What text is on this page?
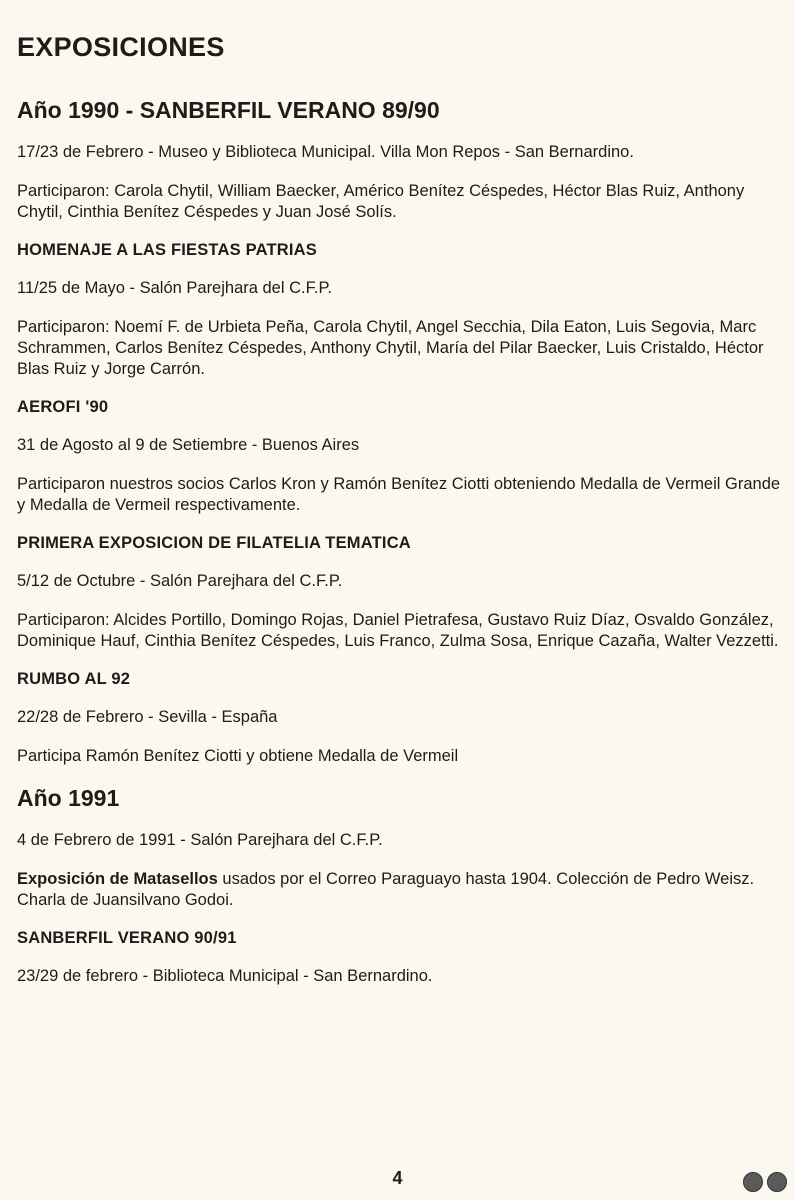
EXPOSICIONES
Año 1990 - SANBERFIL VERANO 89/90

17/23 de Febrero - Museo y Biblioteca Municipal. Villa Mon Repos - San Bernardino.

Participaron: Carola Chytil, William Baecker, Américo Benítez Céspedes, Héctor Blas Ruiz, Anthony Chytil, Cinthia Benítez Céspedes y Juan José Solís.

HOMENAJE A LAS FIESTAS PATRIAS

11/25 de Mayo - Salón Parejhara del C.F.P.

Participaron: Noemí F. de Urbieta Peña, Carola Chytil, Angel Secchia, Dila Eaton, Luis Segovia, Marc Schrammen, Carlos Benítez Céspedes, Anthony Chytil, María del Pilar Baecker, Luis Cristaldo, Héctor Blas Ruiz y Jorge Carrón.

AEROFI '90

31 de Agosto al 9 de Setiembre - Buenos Aires

Participaron nuestros socios Carlos Kron y Ramón Benítez Ciotti obteniendo Medalla de Vermeil Grande y Medalla de Vermeil respectivamente.

PRIMERA EXPOSICION DE FILATELIA TEMATICA

5/12 de Octubre - Salón Parejhara del C.F.P.

Participaron: Alcides Portillo, Domingo Rojas, Daniel Pietrafesa, Gustavo Ruiz Díaz, Osvaldo González, Dominique Hauf, Cinthia Benítez Céspedes, Luis Franco, Zulma Sosa, Enrique Cazaña, Walter Vezzetti.

RUMBO AL 92

22/28 de Febrero - Sevilla - España

Participa Ramón Benítez Ciotti y obtiene Medalla de Vermeil

Año 1991

4 de Febrero de 1991 - Salón Parejhara del C.F.P.

Exposición de Matasellos usados por el Correo Paraguayo hasta 1904. Colección de Pedro Weisz. Charla de Juansilvano Godoi.

SANBERFIL VERANO 90/91

23/29 de febrero - Biblioteca Municipal - San Bernardino.

4
